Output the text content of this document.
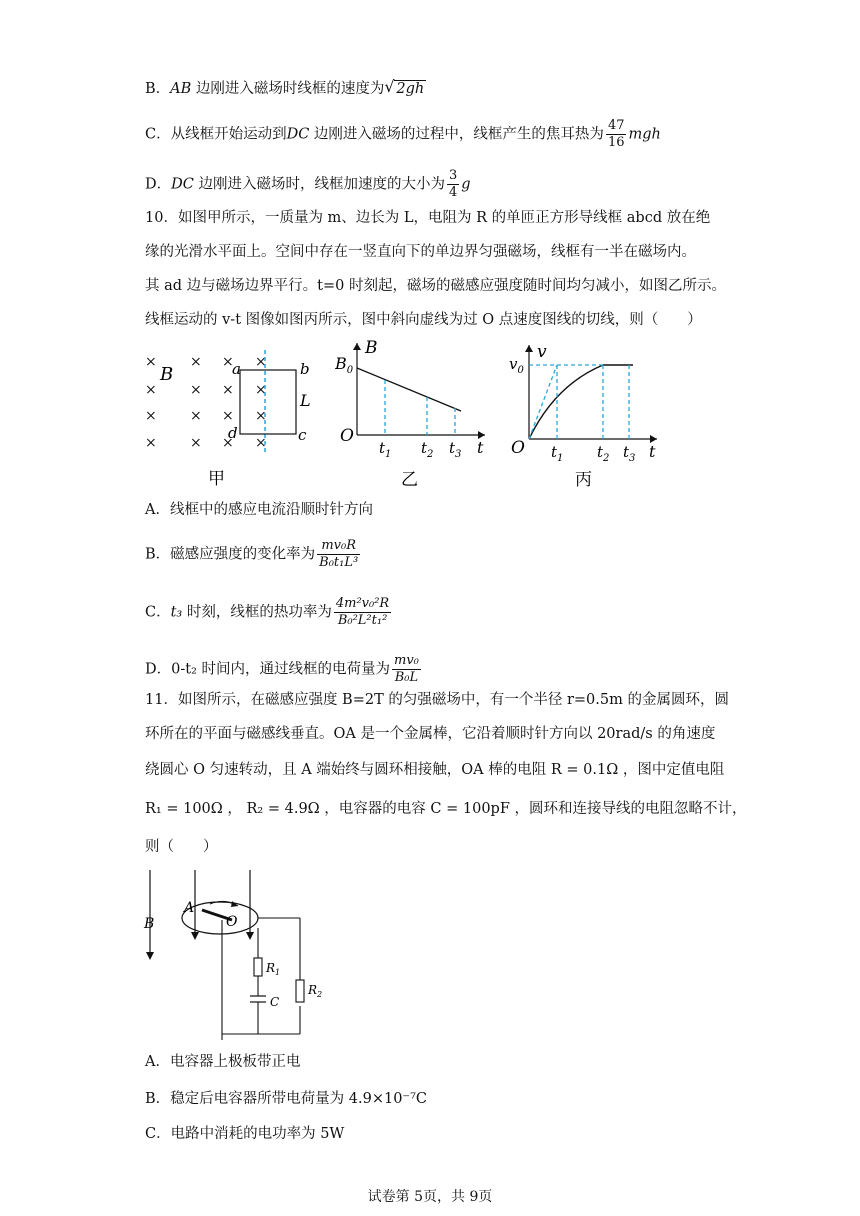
B．AB 边刚进入磁场时线框的速度为√ 2gh
C．从线框开始运动到DC 边刚进入磁场的过程中，线框产生的焦耳热为 $\frac{47}{16}$ mgh
D．DC 边刚进入磁场时，线框加速度的大小为 $\frac{3}{4}$ g
10．如图甲所示，一质量为 m、边长为 L，电阻为 R 的单匝正方形导线框 abcd 放在绝
缘的光滑水平面上。空间中存在一竖直向下的单边界匀强磁场，线框有一半在磁场内。
其 ad 边与磁场边界平行。t=0 时刻起，磁场的磁感应强度随时间均匀减小，如图乙所示。
线框运动的 v-t 图像如图丙所示，图中斜向虚线为过 O 点速度图线的切线，则（　　）
× × × ×
× × × ×
× × × ×
× × × ×
B	a	b
L
d	c
甲
$B_0$
B
O
$t_1$ $t_2$ $t_3$ t
乙
v
$v_0$
O $t_1$ $t_2$ $t_3$ t
丙
A．线框中的感应电流沿顺时针方向
B．磁感应强度的变化率为 $\frac{\text{mv₀R}}{\text{B₀t₁L³}}$
C．t₃ 时刻，线框的热功率为 $\frac{\text{4m²v₀²R}}{\text{B₀²L²t₁²}}$
D．0-t₂ 时间内，通过线框的电荷量为 $\frac{\text{mv₀}}{\text{B₀L}}$
11．如图所示，在磁感应强度 B=2T 的匀强磁场中，有一个半径 r=0.5m 的金属圆环，圆
环所在的平面与磁感线垂直。OA 是一个金属棒，它沿着顺时针方向以 20rad/s 的角速度
绕圆心 O 匀速转动，且 A 端始终与圆环相接触，OA 棒的电阻 R = 0.1Ω ，图中定值电阻
R₁ = 100Ω ， R₂ = 4.9Ω ，电容器的电容 C = 100pF ，圆环和连接导线的电阻忽略不计，
则（　　）
B
A
O
$R_1$
C
$R_2$
A．电容器上极板带正电
B．稳定后电容器所带电荷量为 4.9×10⁻⁷C
C．电路中消耗的电功率为 5W
试卷第 5页，共 9页
